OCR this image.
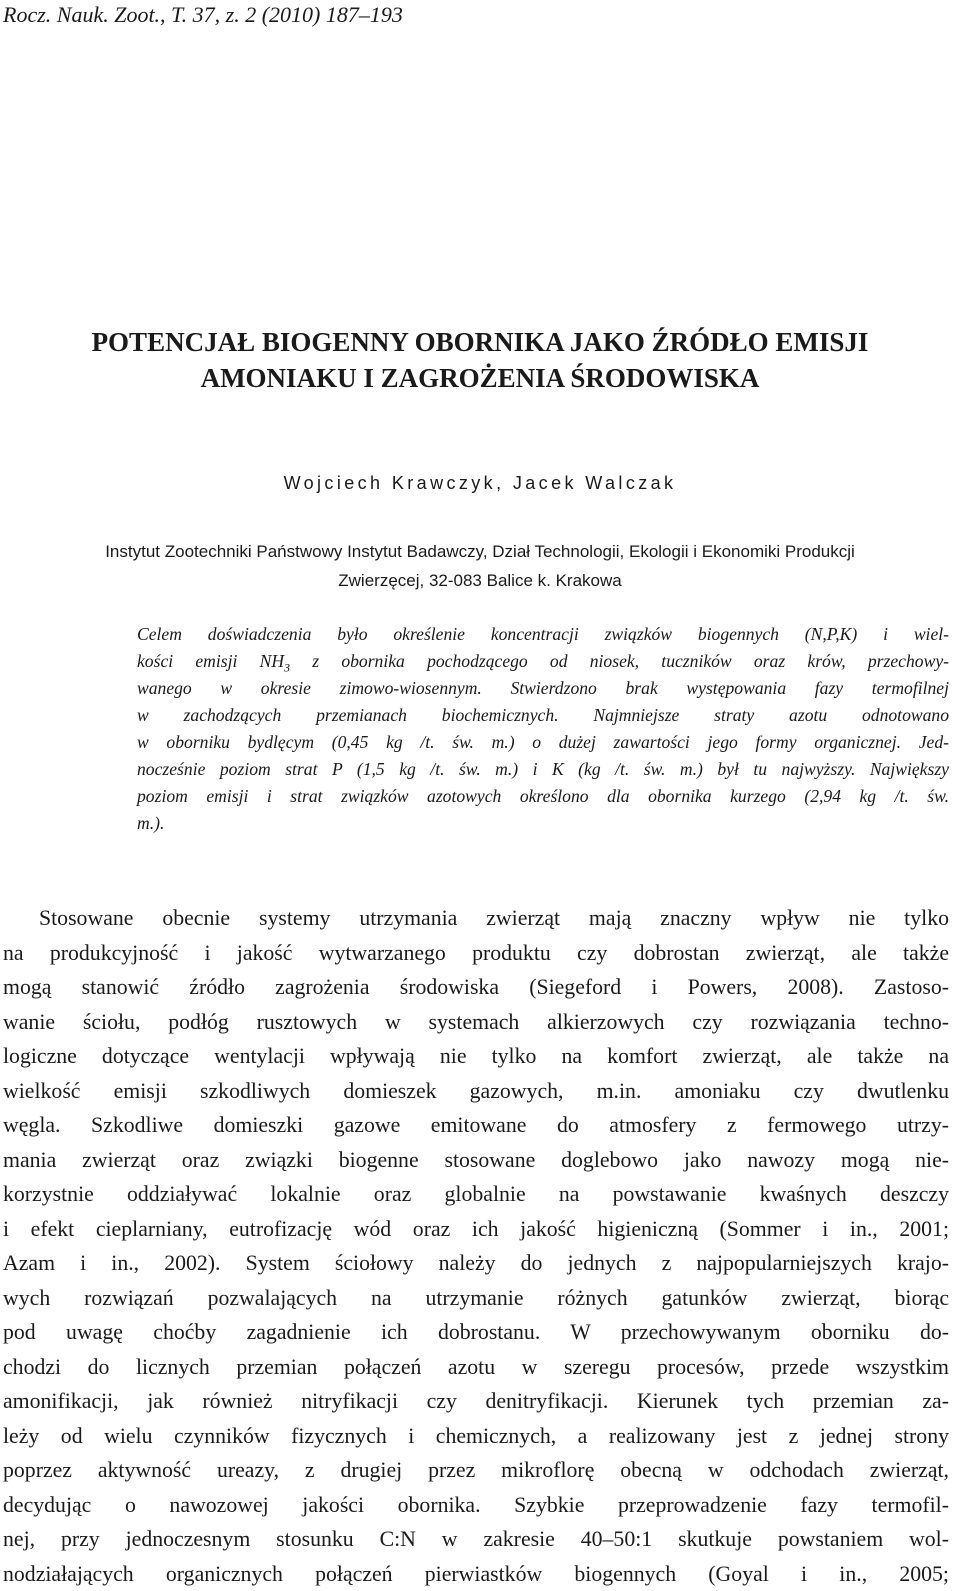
Rocz. Nauk. Zoot., T. 37, z. 2 (2010) 187–193
POTENCJAŁ BIOGENNY OBORNIKA JAKO ŹRÓDŁO EMISJI
AMONIAKU I ZAGROŻENIA ŚRODOWISKA
Wojciech Krawczyk, Jacek Walczak
Instytut Zootechniki Państwowy Instytut Badawczy, Dział Technologii, Ekologii i Ekonomiki Produkcji
Zwierzęcej, 32-083 Balice k. Krakowa
Celem doświadczenia było określenie koncentracji związków biogennych (N,P,K) i wiel-
kości emisji $NH_3$ z obornika pochodzącego od niosek, tuczników oraz krów, przechowy-
wanego w okresie zimowo-wiosennym. Stwierdzono brak występowania fazy termofilnej
w zachodzących przemianach biochemicznych. Najmniejsze straty azotu odnotowano
w oborniku bydlęcym (0,45 kg /t. św. m.) o dużej zawartości jego formy organicznej. Jed-
nocześnie poziom strat P (1,5 kg /t. św. m.) i K (kg /t. św. m.) był tu najwyższy. Największy
poziom emisji i strat związków azotowych określono dla obornika kurzego (2,94 kg /t. św.
m.).
Stosowane obecnie systemy utrzymania zwierząt mają znaczny wpływ nie tylko
na produkcyjność i jakość wytwarzanego produktu czy dobrostan zwierząt, ale także
mogą stanowić źródło zagrożenia środowiska (Siegeford i Powers, 2008). Zastoso-
wanie ściołu, podłóg rusztowych w systemach alkierzowych czy rozwiązania techno-
logiczne dotyczące wentylacji wpływają nie tylko na komfort zwierząt, ale także na
wielkość emisji szkodliwych domieszek gazowych, m.in. amoniaku czy dwutlenku
węgla. Szkodliwe domieszki gazowe emitowane do atmosfery z fermowego utrzy-
mania zwierząt oraz związki biogenne stosowane doglebowo jako nawozy mogą nie-
korzystnie oddziaływać lokalnie oraz globalnie na powstawanie kwaśnych deszczy
i efekt cieplarniany, eutrofizację wód oraz ich jakość higieniczną (Sommer i in., 2001;
Azam i in., 2002). System ściołowy należy do jednych z najpopularniejszych krajo-
wych rozwiązań pozwalających na utrzymanie różnych gatunków zwierząt, biorąc
pod uwagę choćby zagadnienie ich dobrostanu. W przechowywanym oborniku do-
chodzi do licznych przemian połączeń azotu w szeregu procesów, przede wszystkim
amonifikacji, jak również nitryfikacji czy denitryfikacji. Kierunek tych przemian za-
leży od wielu czynników fizycznych i chemicznych, a realizowany jest z jednej strony
poprzez aktywność ureazy, z drugiej przez mikroflorę obecną w odchodach zwierząt,
decydując o nawozowej jakości obornika. Szybkie przeprowadzenie fazy termofil-
nej, przy jednoczesnym stosunku C:N w zakresie 40–50:1 skutkuje powstaniem wol-
nodziałających organicznych połączeń pierwiastków biogennych (Goyal i in., 2005;
